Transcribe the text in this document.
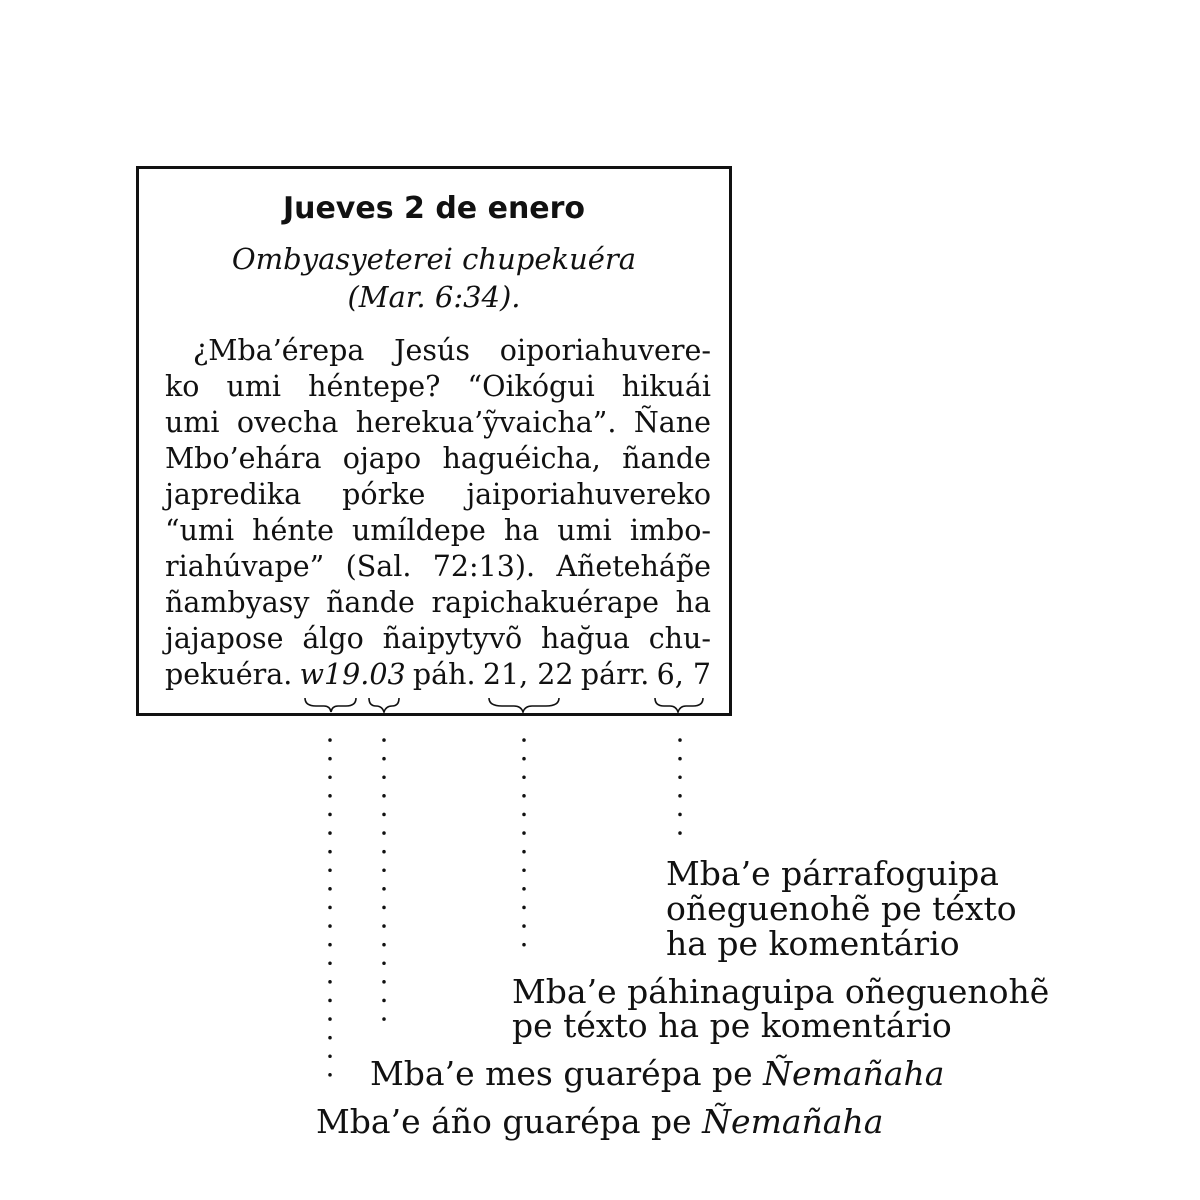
Jueves 2 de enero
Ombyasyeterei chupekuéra
(Mar. 6:34).
¿Mba’érepa Jesús oiporiahuvere-
ko umi héntepe? “Oikógui hikuái
umi ovecha herekua’ỹvaicha”. Ñane
Mbo’ehára ojapo haguéicha, ñande
japredika pórke jaiporiahuvereko
“umi hénte umíldepe ha umi imbo-
riahúvape” (Sal. 72:13). Añeteháp̃e
ñambyasy ñande rapichakuérape ha
jajapose álgo ñaipytyvõ hağua chu-
pekuéra. w19.03 páh. 21, 22 párr. 6, 7
Mba’e párrafoguipa
oñeguenohẽ pe téxto
ha pe komentário
Mba’e páhinaguipa oñeguenohẽ
pe téxto ha pe komentário
Mba’e mes guarépa pe Ñemañaha
Mba’e áño guarépa pe Ñemañaha
